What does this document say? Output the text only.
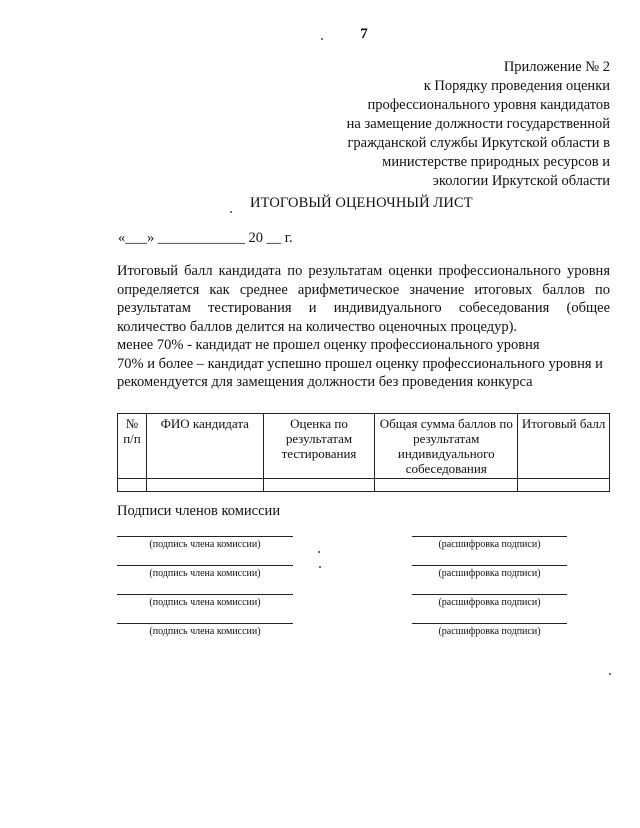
7
Приложение № 2
к Порядку проведения оценки
профессионального уровня кандидатов
на замещение должности государственной
гражданской службы Иркутской области в
министерстве природных ресурсов и
экологии Иркутской области
ИТОГОВЫЙ ОЦЕНОЧНЫЙ ЛИСТ
«___» ____________ 20 __ г.
Итоговый балл кандидата по результатам оценки профессионального уровня определяется как среднее арифметическое значение итоговых баллов по результатам тестирования и индивидуального собеседования (общее количество баллов делится на количество оценочных процедур).
менее 70% - кандидат не прошел оценку профессионального уровня
70% и более – кандидат успешно прошел оценку профессионального уровня и
рекомендуется для замещения должности без проведения конкурса
№ п/п	ФИО кандидата	Оценка по результатам тестирования	Общая сумма баллов по результатам индивидуального собеседования	Итоговый балл

Подписи членов комиссии
(подпись члена комиссии)	(расшифровка подписи)
(подпись члена комиссии)	(расшифровка подписи)
(подпись члена комиссии)	(расшифровка подписи)
(подпись члена комиссии)	(расшифровка подписи)
